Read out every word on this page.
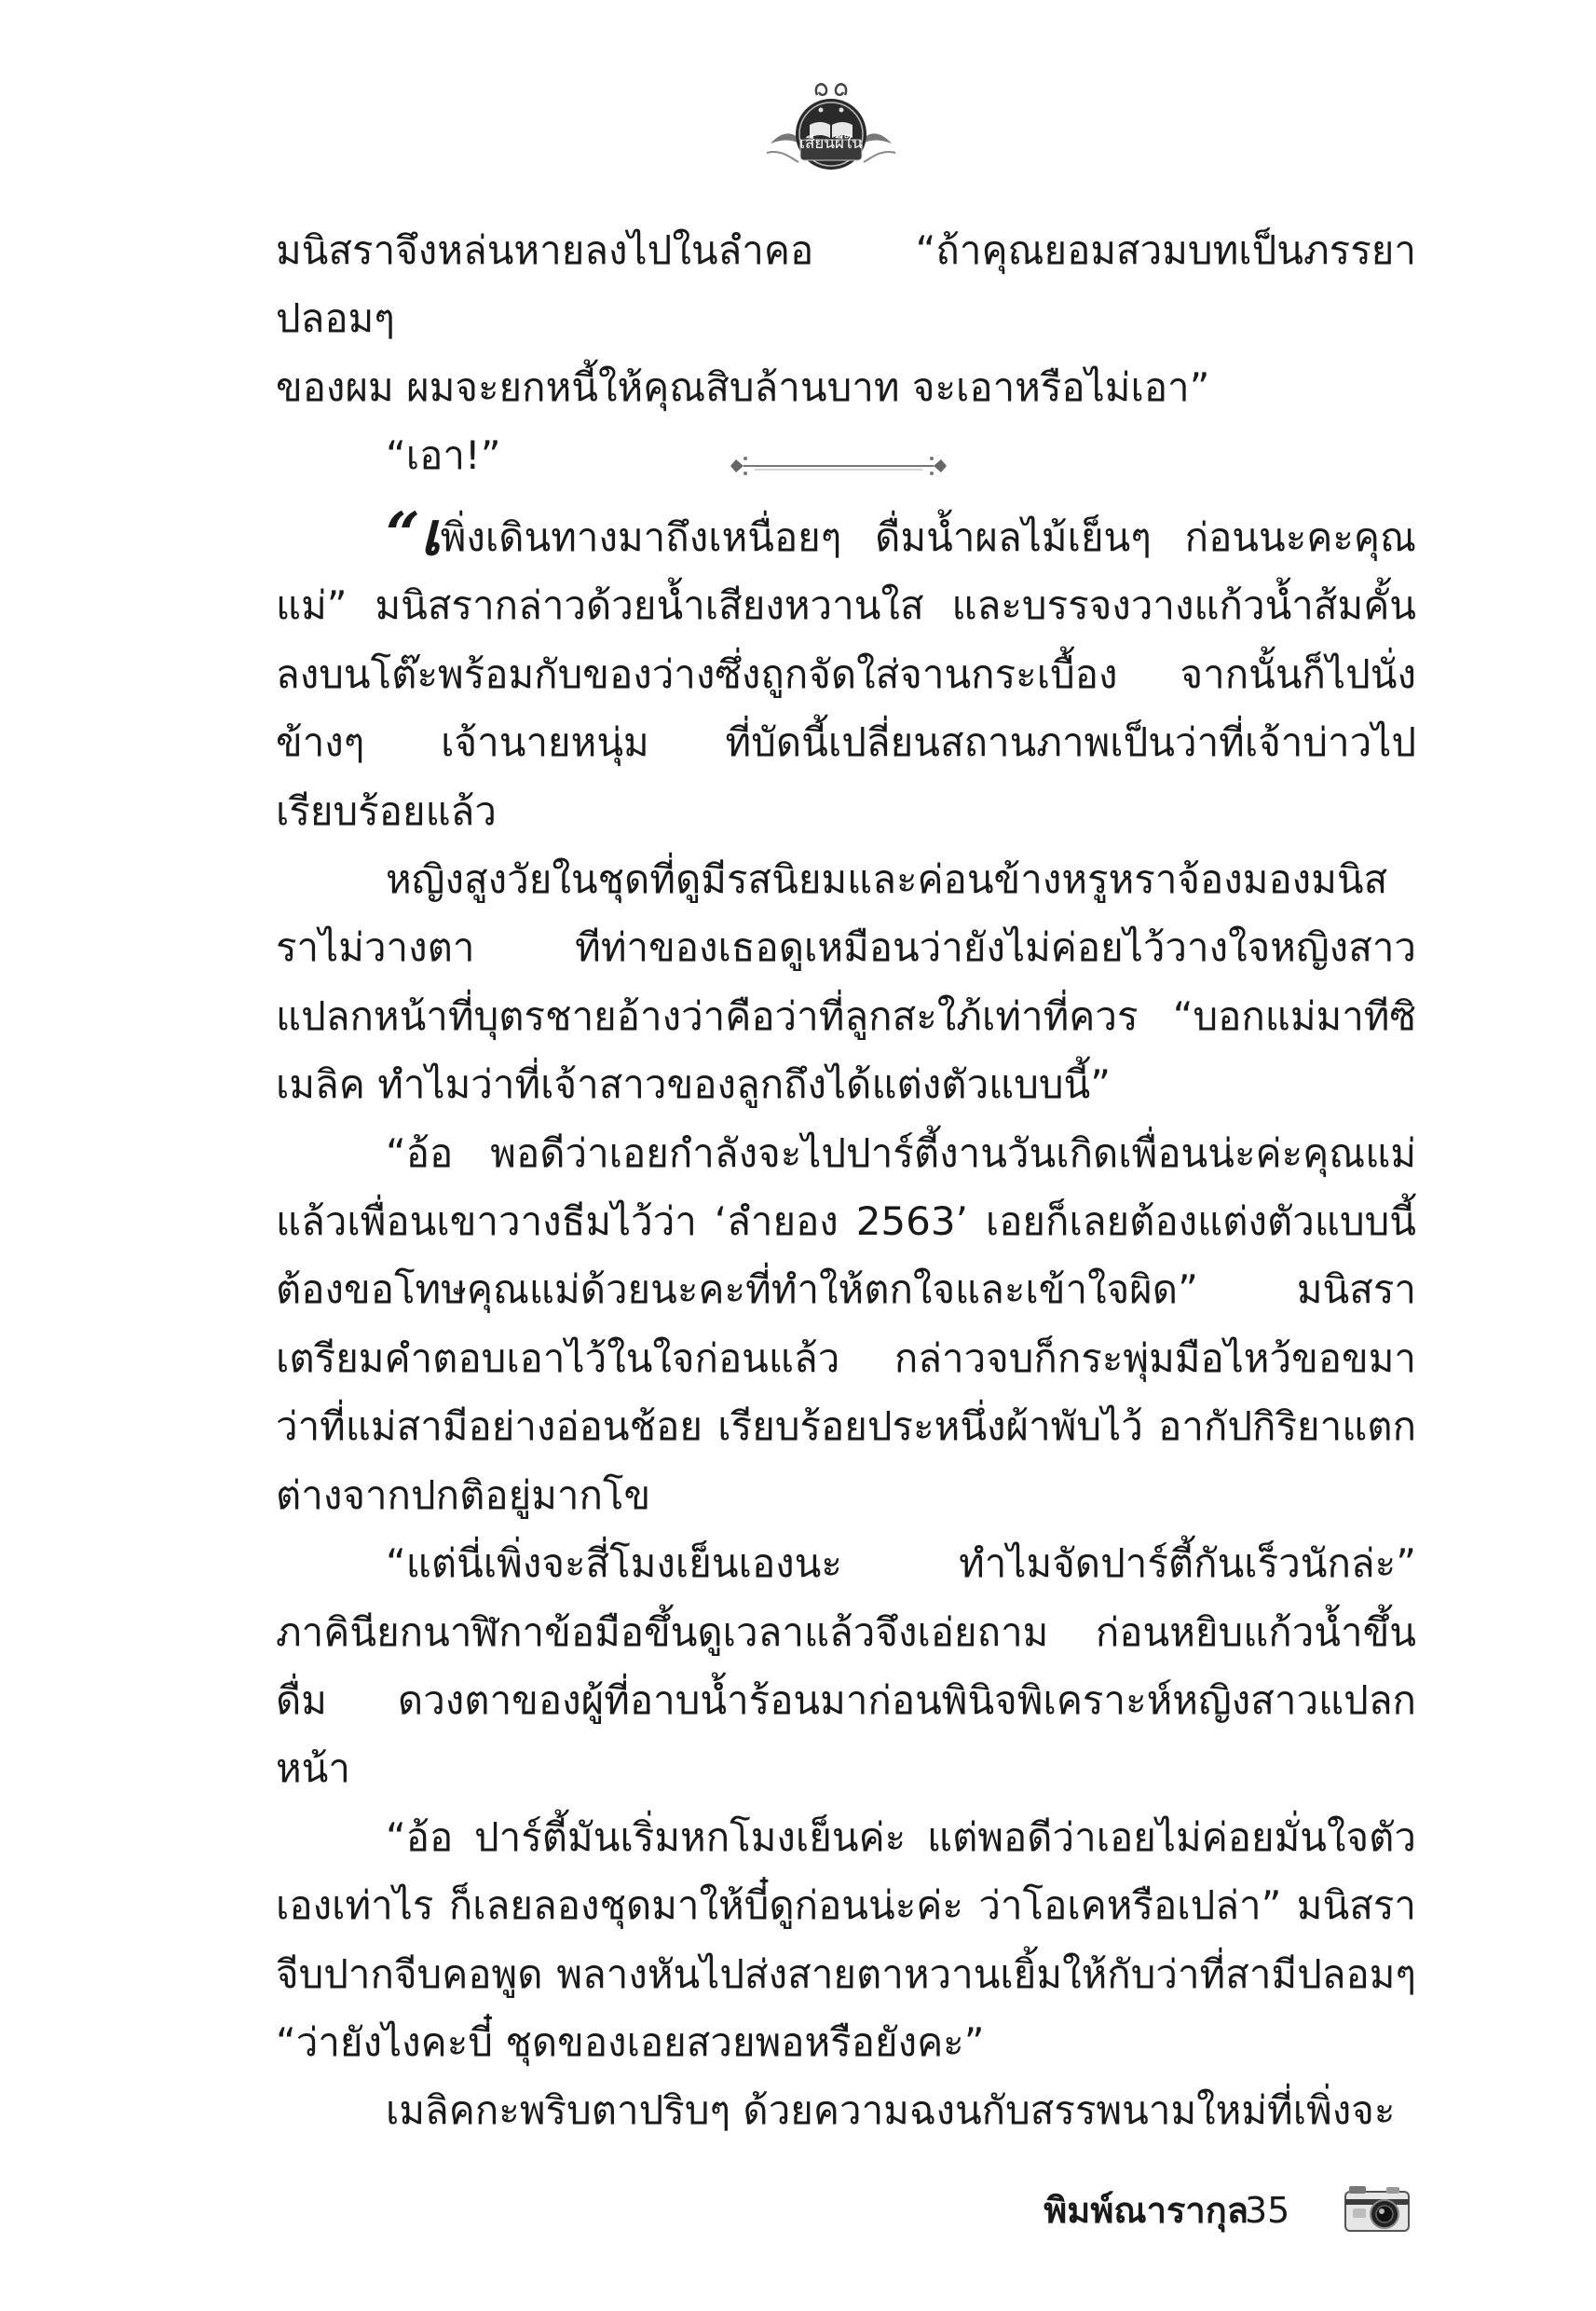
เสียนผีใน

มนิสราจึงหล่นหายลงไปในลำคอ “ถ้าคุณยอมสวมบทเป็นภรรยาปลอมๆ

ของผม ผมจะยกหนี้ให้คุณสิบล้านบาท จะเอาหรือไม่เอา”

“เอา!”

“เพิ่งเดินทางมาถึงเหนื่อยๆ ดื่มน้ำผลไม้เย็นๆ ก่อนนะคะคุณแม่” มนิสรากล่าวด้วยน้ำเสียงหวานใส และบรรจงวางแก้วน้ำส้มคั้นลงบนโต๊ะพร้อมกับของว่างซึ่งถูกจัดใส่จานกระเบื้อง จากนั้นก็ไปนั่งข้างๆ เจ้านายหนุ่ม ที่บัดนี้เปลี่ยนสถานภาพเป็นว่าที่เจ้าบ่าวไปเรียบร้อยแล้ว

หญิงสูงวัยในชุดที่ดูมีรสนิยมและค่อนข้างหรูหราจ้องมองมนิสราไม่วางตา ทีท่าของเธอดูเหมือนว่ายังไม่ค่อยไว้วางใจหญิงสาวแปลกหน้าที่บุตรชายอ้างว่าคือว่าที่ลูกสะใภ้เท่าที่ควร “บอกแม่มาทีซิเมลิค ทำไมว่าที่เจ้าสาวของลูกถึงได้แต่งตัวแบบนี้”

“อ้อ พอดีว่าเอยกำลังจะไปปาร์ตี้งานวันเกิดเพื่อนน่ะค่ะคุณแม่ แล้วเพื่อนเขาวางธีมไว้ว่า ‘ลำยอง 2563’ เอยก็เลยต้องแต่งตัวแบบนี้ ต้องขอโทษคุณแม่ด้วยนะคะที่ทำให้ตกใจและเข้าใจผิด” มนิสราเตรียมคำตอบเอาไว้ในใจก่อนแล้ว กล่าวจบก็กระพุ่มมือไหว้ขอขมาว่าที่แม่สามีอย่างอ่อนช้อย เรียบร้อยประหนึ่งผ้าพับไว้ อากัปกิริยาแตกต่างจากปกติอยู่มากโข

“แต่นี่เพิ่งจะสี่โมงเย็นเองนะ ทำไมจัดปาร์ตี้กันเร็วนักล่ะ” ภาคินียกนาฬิกาข้อมือขึ้นดูเวลาแล้วจึงเอ่ยถาม ก่อนหยิบแก้วน้ำขึ้นดื่ม ดวงตาของผู้ที่อาบน้ำร้อนมาก่อนพินิจพิเคราะห์หญิงสาวแปลกหน้า

“อ้อ ปาร์ตี้มันเริ่มหกโมงเย็นค่ะ แต่พอดีว่าเอยไม่ค่อยมั่นใจตัวเองเท่าไร ก็เลยลองชุดมาให้บี๋ดูก่อนน่ะค่ะ ว่าโอเคหรือเปล่า” มนิสราจีบปากจีบคอพูด พลางหันไปส่งสายตาหวานเยิ้มให้กับว่าที่สามีปลอมๆ “ว่ายังไงคะบี๋ ชุดของเอยสวยพอหรือยังคะ”

เมลิคกะพริบตาปริบๆ ด้วยความฉงนกับสรรพนามใหม่ที่เพิ่งจะ

พิมพ์ณารากุล
35
